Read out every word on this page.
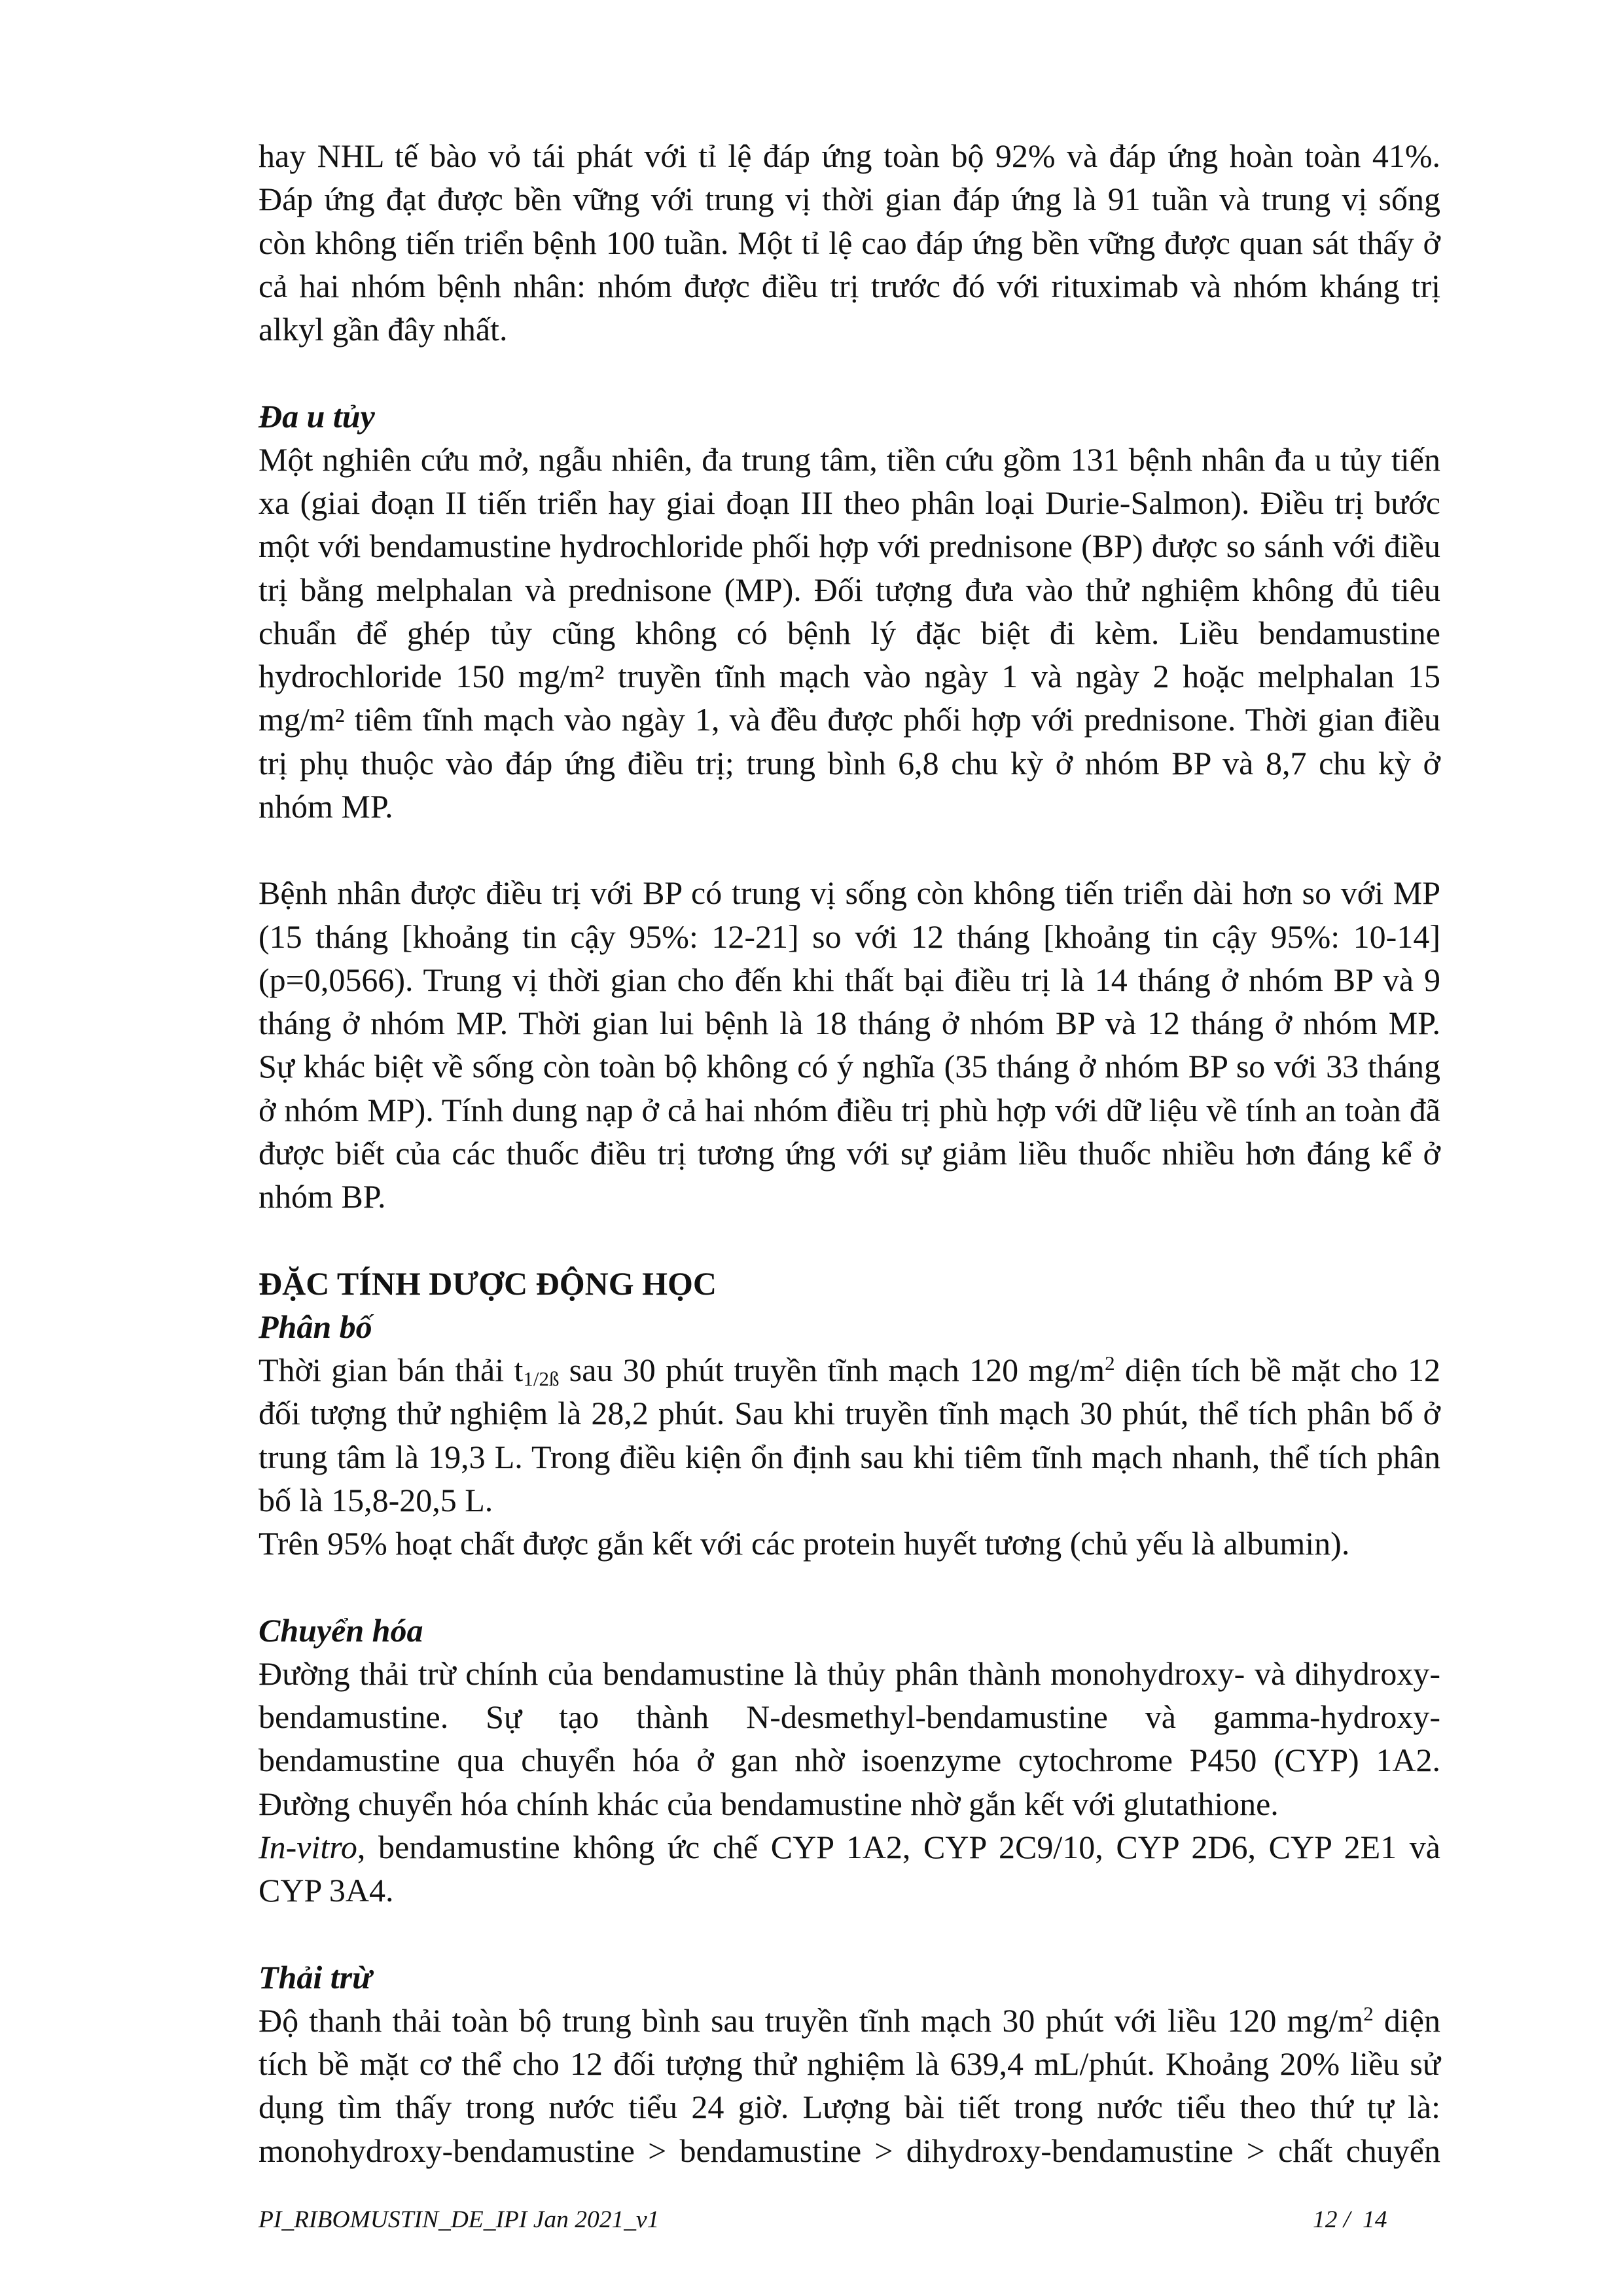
hay NHL tế bào vỏ tái phát với tỉ lệ đáp ứng toàn bộ 92% và đáp ứng hoàn toàn 41%.
Đáp ứng đạt được bền vững với trung vị thời gian đáp ứng là 91 tuần và trung vị sống
còn không tiến triển bệnh 100 tuần. Một tỉ lệ cao đáp ứng bền vững được quan sát thấy ở
cả hai nhóm bệnh nhân: nhóm được điều trị trước đó với rituximab và nhóm kháng trị
alkyl gần đây nhất.
Đa u tủy
Một nghiên cứu mở, ngẫu nhiên, đa trung tâm, tiền cứu gồm 131 bệnh nhân đa u tủy tiến
xa (giai đoạn II tiến triển hay giai đoạn III theo phân loại Durie-Salmon). Điều trị bước
một với bendamustine hydrochloride phối hợp với prednisone (BP) được so sánh với điều
trị bằng melphalan và prednisone (MP). Đối tượng đưa vào thử nghiệm không đủ tiêu
chuẩn để ghép tủy cũng không có bệnh lý đặc biệt đi kèm. Liều bendamustine
hydrochloride 150 mg/m² truyền tĩnh mạch vào ngày 1 và ngày 2 hoặc melphalan 15
mg/m² tiêm tĩnh mạch vào ngày 1, và đều được phối hợp với prednisone. Thời gian điều
trị phụ thuộc vào đáp ứng điều trị; trung bình 6,8 chu kỳ ở nhóm BP và 8,7 chu kỳ ở
nhóm MP.
Bệnh nhân được điều trị với BP có trung vị sống còn không tiến triển dài hơn so với MP
(15 tháng [khoảng tin cậy 95%: 12-21] so với 12 tháng [khoảng tin cậy 95%: 10-14]
(p=0,0566). Trung vị thời gian cho đến khi thất bại điều trị là 14 tháng ở nhóm BP và 9
tháng ở nhóm MP. Thời gian lui bệnh là 18 tháng ở nhóm BP và 12 tháng ở nhóm MP.
Sự khác biệt về sống còn toàn bộ không có ý nghĩa (35 tháng ở nhóm BP so với 33 tháng
ở nhóm MP). Tính dung nạp ở cả hai nhóm điều trị phù hợp với dữ liệu về tính an toàn đã
được biết của các thuốc điều trị tương ứng với sự giảm liều thuốc nhiều hơn đáng kể ở
nhóm BP.
ĐẶC TÍNH DƯỢC ĐỘNG HỌC
Phân bố
Thời gian bán thải $t_{1/2ß}$ sau 30 phút truyền tĩnh mạch 120 $mg/m^2$ diện tích bề mặt cho 12
đối tượng thử nghiệm là 28,2 phút. Sau khi truyền tĩnh mạch 30 phút, thể tích phân bố ở
trung tâm là 19,3 L. Trong điều kiện ổn định sau khi tiêm tĩnh mạch nhanh, thể tích phân
bố là 15,8-20,5 L.
Trên 95% hoạt chất được gắn kết với các protein huyết tương (chủ yếu là albumin).
Chuyển hóa
Đường thải trừ chính của bendamustine là thủy phân thành monohydroxy- và dihydroxy-
bendamustine. Sự tạo thành N-desmethyl-bendamustine và gamma-hydroxy-
bendamustine qua chuyển hóa ở gan nhờ isoenzyme cytochrome P450 (CYP) 1A2.
Đường chuyển hóa chính khác của bendamustine nhờ gắn kết với glutathione.
In-vitro, bendamustine không ức chế CYP 1A2, CYP 2C9/10, CYP 2D6, CYP 2E1 và
CYP 3A4.
Thải trừ
Độ thanh thải toàn bộ trung bình sau truyền tĩnh mạch 30 phút với liều 120 $mg/m^2$ diện
tích bề mặt cơ thể cho 12 đối tượng thử nghiệm là 639,4 mL/phút. Khoảng 20% liều sử
dụng tìm thấy trong nước tiểu 24 giờ. Lượng bài tiết trong nước tiểu theo thứ tự là:
monohydroxy-bendamustine > bendamustine > dihydroxy-bendamustine > chất chuyển
PI_RIBOMUSTIN_DE_IPI Jan 2021_v1	12 /  14
